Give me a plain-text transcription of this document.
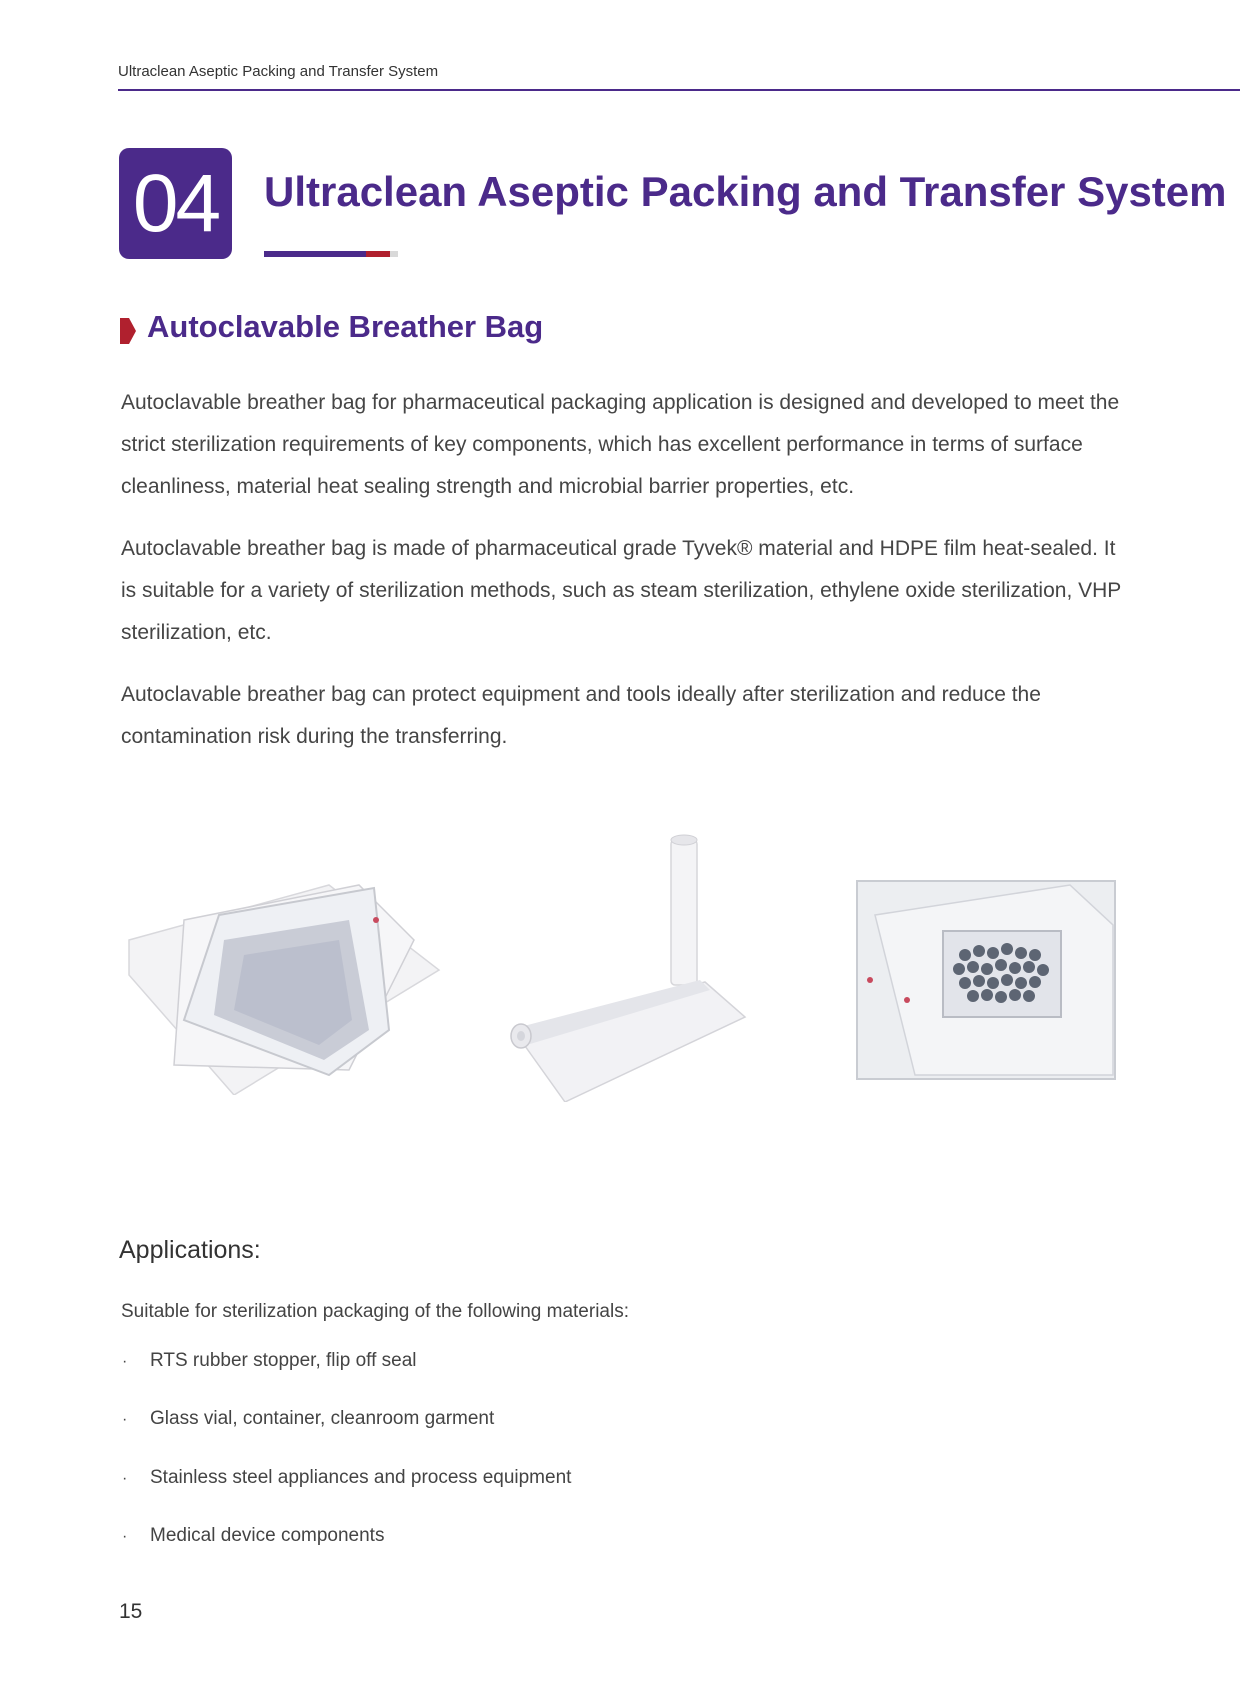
Ultraclean Aseptic Packing and Transfer System
04	Ultraclean Aseptic Packing and Transfer System
Autoclavable Breather Bag

Autoclavable breather bag for pharmaceutical packaging application is designed and developed to meet the strict sterilization requirements of key components, which has excellent performance in terms of surface cleanliness, material heat sealing strength and microbial barrier properties, etc.

Autoclavable breather bag is made of pharmaceutical grade Tyvek® material and HDPE film heat-sealed. It is suitable for a variety of sterilization methods, such as steam sterilization, ethylene oxide sterilization, VHP sterilization, etc.

Autoclavable breather bag can protect equipment and tools ideally after sterilization and reduce the contamination risk during the transferring.

Applications:
Suitable for sterilization packaging of the following materials:
· RTS rubber stopper, flip off seal
· Glass vial, container, cleanroom garment
· Stainless steel appliances and process equipment
· Medical device components
15
